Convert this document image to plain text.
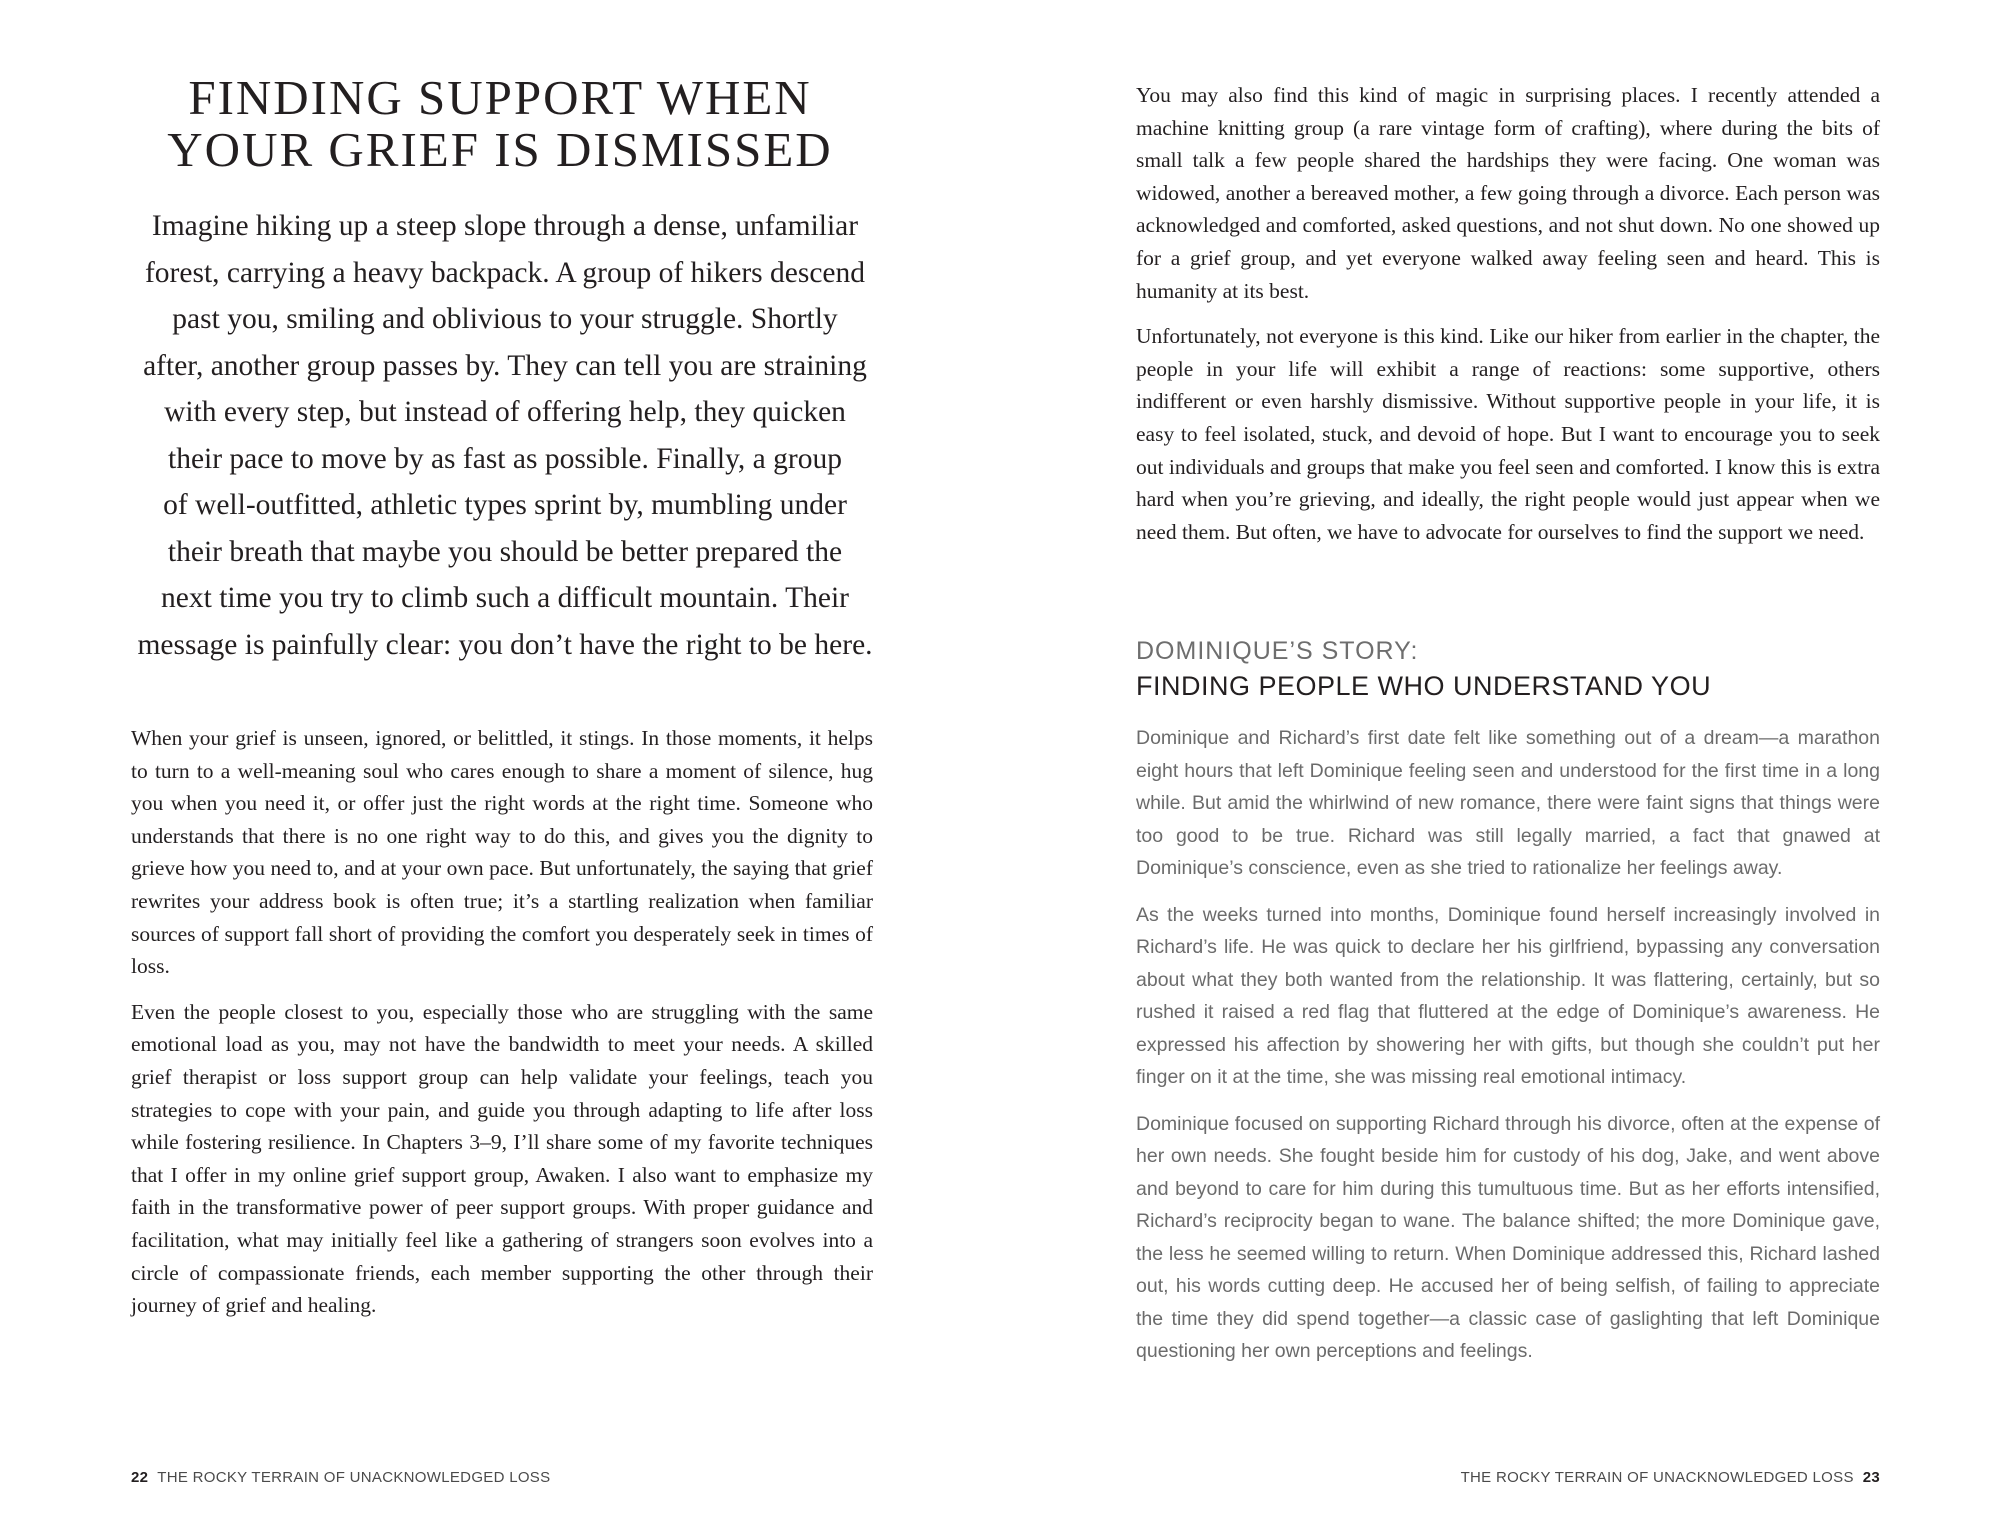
FINDING SUPPORT WHEN
YOUR GRIEF IS DISMISSED
Imagine hiking up a steep slope through a dense, unfamiliar
forest, carrying a heavy backpack. A group of hikers descend
past you, smiling and oblivious to your struggle. Shortly
after, another group passes by. They can tell you are straining
with every step, but instead of offering help, they quicken
their pace to move by as fast as possible. Finally, a group
of well-outfitted, athletic types sprint by, mumbling under
their breath that maybe you should be better prepared the
next time you try to climb such a difficult mountain. Their
message is painfully clear: you don’t have the right to be here.

When your grief is unseen, ignored, or belittled, it stings. In those moments, it helps to turn to a well-meaning soul who cares enough to share a moment of silence, hug you when you need it, or offer just the right words at the right time. Someone who understands that there is no one right way to do this, and gives you the dignity to grieve how you need to, and at your own pace. But unfortunately, the saying that grief rewrites your address book is often true; it’s a startling realization when familiar sources of support fall short of providing the comfort you desperately seek in times of loss.

Even the people closest to you, especially those who are struggling with the same emotional load as you, may not have the bandwidth to meet your needs. A skilled grief therapist or loss support group can help validate your feelings, teach you strategies to cope with your pain, and guide you through adapting to life after loss while fostering resilience. In Chapters 3–9, I’ll share some of my favorite techniques that I offer in my online grief support group, Awaken. I also want to emphasize my faith in the transformative power of peer support groups. With proper guidance and facilitation, what may initially feel like a gathering of strangers soon evolves into a circle of compassionate friends, each member supporting the other through their journey of grief and healing.

22 THE ROCKY TERRAIN OF UNACKNOWLEDGED LOSS

You may also find this kind of magic in surprising places. I recently attended a machine knitting group (a rare vintage form of crafting), where during the bits of small talk a few people shared the hardships they were facing. One woman was widowed, another a bereaved mother, a few going through a divorce. Each person was acknowledged and comforted, asked questions, and not shut down. No one showed up for a grief group, and yet everyone walked away feeling seen and heard. This is humanity at its best.

Unfortunately, not everyone is this kind. Like our hiker from earlier in the chapter, the people in your life will exhibit a range of reactions: some supportive, others indifferent or even harshly dismissive. Without supportive people in your life, it is easy to feel isolated, stuck, and devoid of hope. But I want to encourage you to seek out individuals and groups that make you feel seen and comforted. I know this is extra hard when you’re grieving, and ideally, the right people would just appear when we need them. But often, we have to advocate for ourselves to find the support we need.

DOMINIQUE’S STORY:
FINDING PEOPLE WHO UNDERSTAND YOU

Dominique and Richard’s first date felt like something out of a dream—a marathon eight hours that left Dominique feeling seen and understood for the first time in a long while. But amid the whirlwind of new romance, there were faint signs that things were too good to be true. Richard was still legally married, a fact that gnawed at Dominique’s conscience, even as she tried to rationalize her feelings away.

As the weeks turned into months, Dominique found herself increasingly involved in Richard’s life. He was quick to declare her his girlfriend, bypassing any conversation about what they both wanted from the relationship. It was flattering, certainly, but so rushed it raised a red flag that fluttered at the edge of Dominique’s awareness. He expressed his affection by showering her with gifts, but though she couldn’t put her finger on it at the time, she was missing real emotional intimacy.

Dominique focused on supporting Richard through his divorce, often at the expense of her own needs. She fought beside him for custody of his dog, Jake, and went above and beyond to care for him during this tumultuous time. But as her efforts intensified, Richard’s reciprocity began to wane. The balance shifted; the more Dominique gave, the less he seemed willing to return. When Dominique addressed this, Richard lashed out, his words cutting deep. He accused her of being selfish, of failing to appreciate the time they did spend together—a classic case of gaslighting that left Dominique questioning her own perceptions and feelings.

THE ROCKY TERRAIN OF UNACKNOWLEDGED LOSS 23
